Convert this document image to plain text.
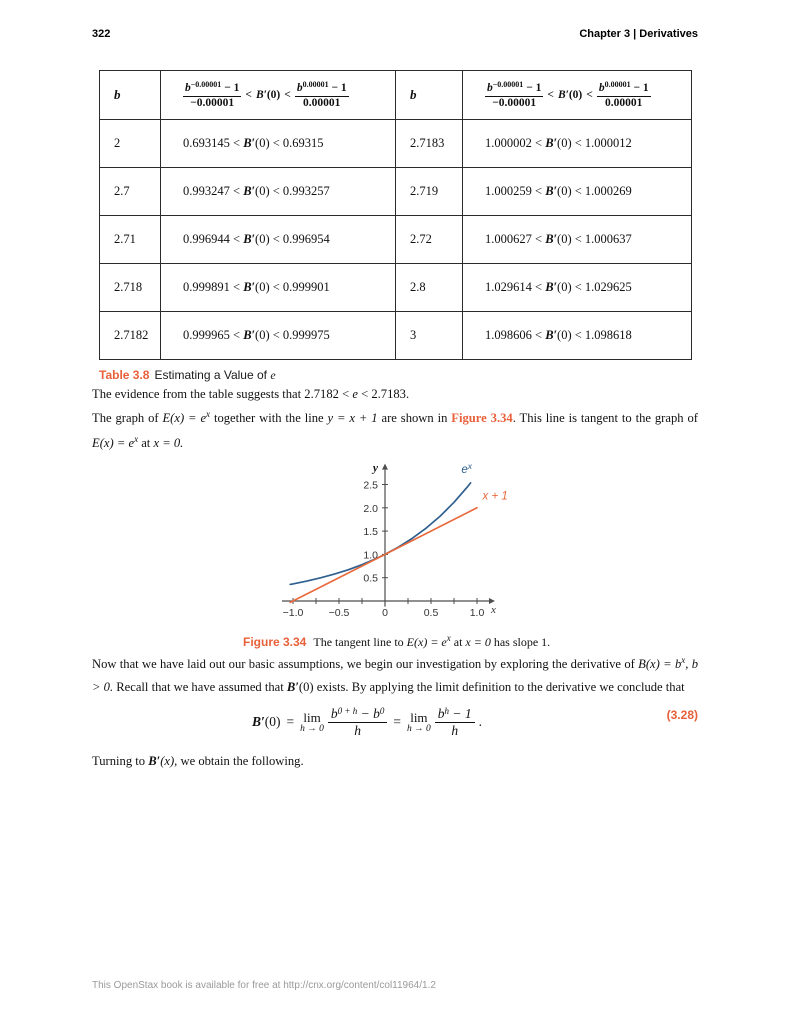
322	Chapter 3 | Derivatives
b	$\frac{b^{-0.00001} - 1}{-0.00001} < B'(0) < \frac{b^{0.00001} - 1}{0.00001}$	b	$\frac{b^{-0.00001} - 1}{-0.00001} < B'(0) < \frac{b^{0.00001} - 1}{0.00001}$

2	0.693145 < B′(0) < 0.69315	2.7183	1.000002 < B′(0) < 1.000012
2.7	0.993247 < B′(0) < 0.993257	2.719	1.000259 < B′(0) < 1.000269
2.71	0.996944 < B′(0) < 0.996954	2.72	1.000627 < B′(0) < 1.000637
2.718	0.999891 < B′(0) < 0.999901	2.8	1.029614 < B′(0) < 1.029625
2.7182	0.999965 < B′(0) < 0.999975	3	1.098606 < B′(0) < 1.098618
Table 3.8 Estimating a Value of e

The evidence from the table suggests that 2.7182 < e < 2.7183.

The graph of $E(x) = e^x$ together with the line y = x + 1 are shown in Figure 3.34. This line is tangent to the graph of $E(x) = e^x$ at x = 0.

0.5
1.0
1.5
2.0
2.5
−1.0 −0.5	0	0.5	1.0
y
x
$e^x$
x + 1
Figure 3.34 The tangent line to $E(x) = e^x$ at x = 0 has slope 1.

Now that we have laid out our basic assumptions, we begin our investigation by exploring the derivative of $B(x) = b^x$, b > 0. Recall that we have assumed that B′(0) exists. By applying the limit definition to the derivative we conclude that

B′(0) = lim
$h \to 0 \frac{b^{0 + h} - b^0}{h} = \lim$
$h \to 0 \frac{b^h - 1}{h}$ .	(3.28)

Turning to B′(x), we obtain the following.

This OpenStax book is available for free at http://cnx.org/content/col11964/1.2
